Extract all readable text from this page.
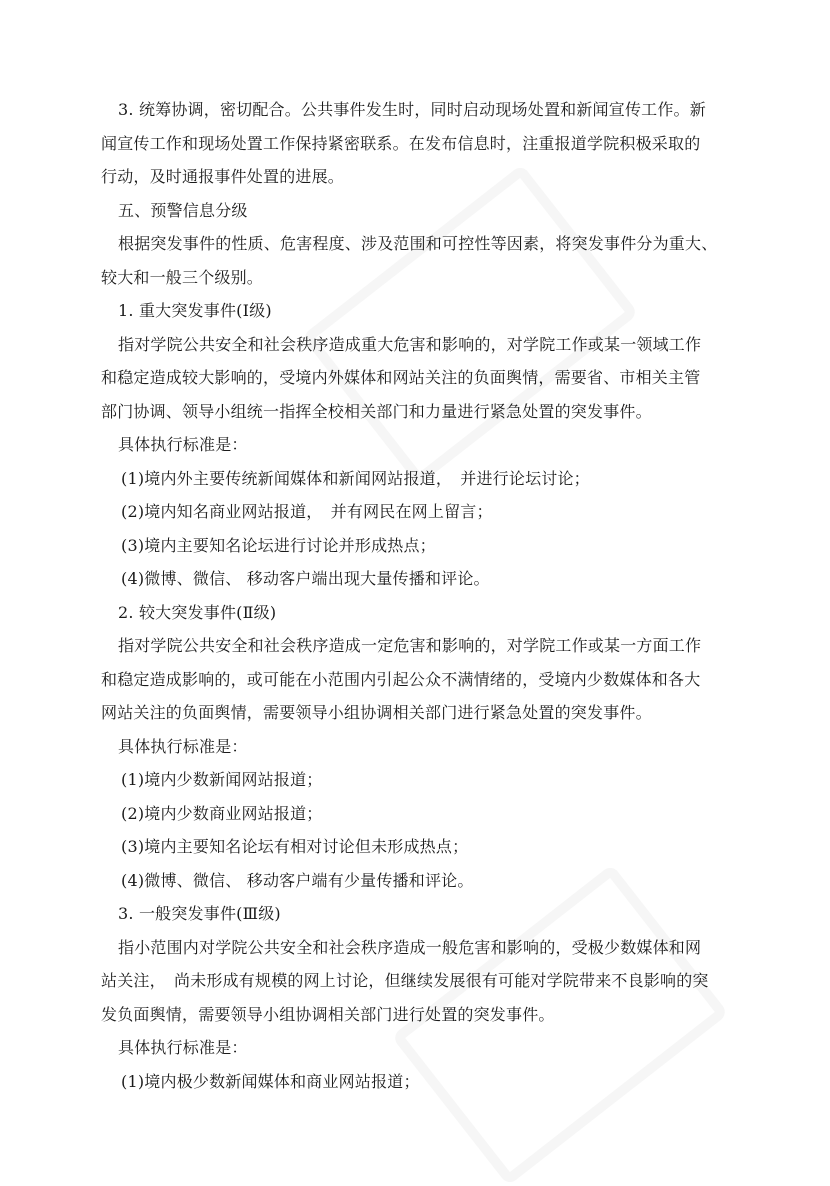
3. 统筹协调，密切配合。公共事件发生时，同时启动现场处置和新闻宣传工作。新
闻宣传工作和现场处置工作保持紧密联系。在发布信息时，注重报道学院积极采取的
行动，及时通报事件处置的进展。
五、预警信息分级
根据突发事件的性质、危害程度、涉及范围和可控性等因素，将突发事件分为重大、
较大和一般三个级别。
1. 重大突发事件(Ⅰ级)
指对学院公共安全和社会秩序造成重大危害和影响的，对学院工作或某一领域工作
和稳定造成较大影响的，受境内外媒体和网站关注的负面舆情，需要省、市相关主管
部门协调、领导小组统一指挥全校相关部门和力量进行紧急处置的突发事件。
具体执行标准是：
(1)境内外主要传统新闻媒体和新闻网站报道，　并进行论坛讨论；
(2)境内知名商业网站报道，　并有网民在网上留言；
(3)境内主要知名论坛进行讨论并形成热点；
(4)微博、微信、 移动客户端出现大量传播和评论。
2. 较大突发事件(Ⅱ级)
指对学院公共安全和社会秩序造成一定危害和影响的，对学院工作或某一方面工作
和稳定造成影响的，或可能在小范围内引起公众不满情绪的，受境内少数媒体和各大
网站关注的负面舆情，需要领导小组协调相关部门进行紧急处置的突发事件。
具体执行标准是：
(1)境内少数新闻网站报道；
(2)境内少数商业网站报道；
(3)境内主要知名论坛有相对讨论但未形成热点；
(4)微博、微信、 移动客户端有少量传播和评论。
3. 一般突发事件(Ⅲ级)
指小范围内对学院公共安全和社会秩序造成一般危害和影响的，受极少数媒体和网
站关注，　尚未形成有规模的网上讨论，但继续发展很有可能对学院带来不良影响的突
发负面舆情，需要领导小组协调相关部门进行处置的突发事件。
具体执行标准是：
(1)境内极少数新闻媒体和商业网站报道；
